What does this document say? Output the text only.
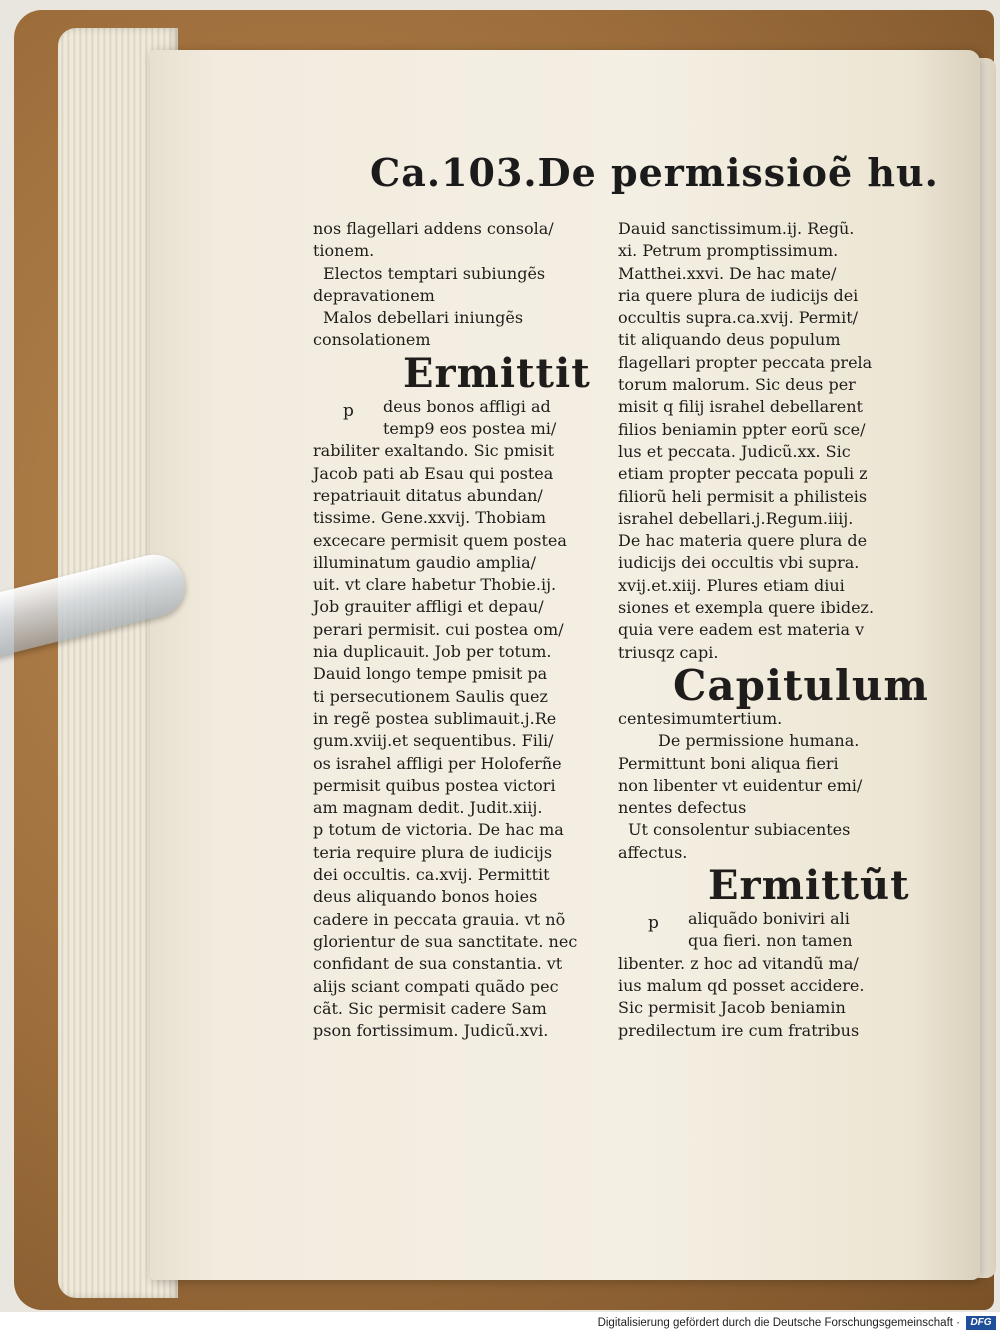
Ca.103.De permissioẽ hu.
nos flagellari addens consola/
tionem.
Electos temptari subiungẽs
depravationem
Malos debellari iniungẽs
consolationem
Ermittit
p	deus bonos affligi ad
temp9 eos postea mi/
rabiliter exaltando. Sic pmisit
Jacob pati ab Esau qui postea
repatriauit ditatus abundan/
tissime. Gene.xxvij. Thobiam
excecare permisit quem postea
illuminatum gaudio amplia/
uit. vt clare habetur Thobie.ij.
Job grauiter affligi et depau/
perari permisit. cui postea om/
nia duplicauit. Job per totum.
Dauid longo tempe pmisit pa
ti persecutionem Saulis quez
in regẽ postea sublimauit.j.Re
gum.xviij.et sequentibus. Fili/
os israhel affligi per Holoferñe
permisit quibus postea victori
am magnam dedit. Judit.xiij.
p totum de victoria. De hac ma
teria require plura de iudicijs
dei occultis. ca.xvij. Permittit
deus aliquando bonos hoies
cadere in peccata grauia. vt nõ
glorientur de sua sanctitate. nec
confidant de sua constantia. vt
alijs sciant compati quãdo pec
cãt. Sic permisit cadere Sam
pson fortissimum. Judicũ.xvi.
Dauid sanctissimum.ij. Regũ.
xi. Petrum promptissimum.
Matthei.xxvi. De hac mate/
ria quere plura de iudicijs dei
occultis supra.ca.xvij. Permit/
tit aliquando deus populum
flagellari propter peccata prela
torum malorum. Sic deus per
misit q filij israhel debellarent
filios beniamin ppter eorũ sce/
lus et peccata. Judicũ.xx. Sic
etiam propter peccata populi z
filiorũ heli permisit a philisteis
israhel debellari.j.Regum.iiij.
De hac materia quere plura de
iudicijs dei occultis vbi supra.
xvij.et.xiij. Plures etiam diui
siones et exempla quere ibidez.
quia vere eadem est materia v
triusqz capi.
Capitulum
centesimumtertium.
De permissione humana.
Permittunt boni aliqua fieri
non libenter vt euidentur emi/
nentes defectus
Ut consolentur subiacentes
affectus.
Ermittũt
p	aliquãdo boniviri ali
qua fieri. non tamen
libenter. z hoc ad vitandũ ma/
ius malum qd posset accidere.
Sic permisit Jacob beniamin
predilectum ire cum fratribus
Digitalisierung gefördert durch die Deutsche Forschungsgemeinschaft ·	DFG
